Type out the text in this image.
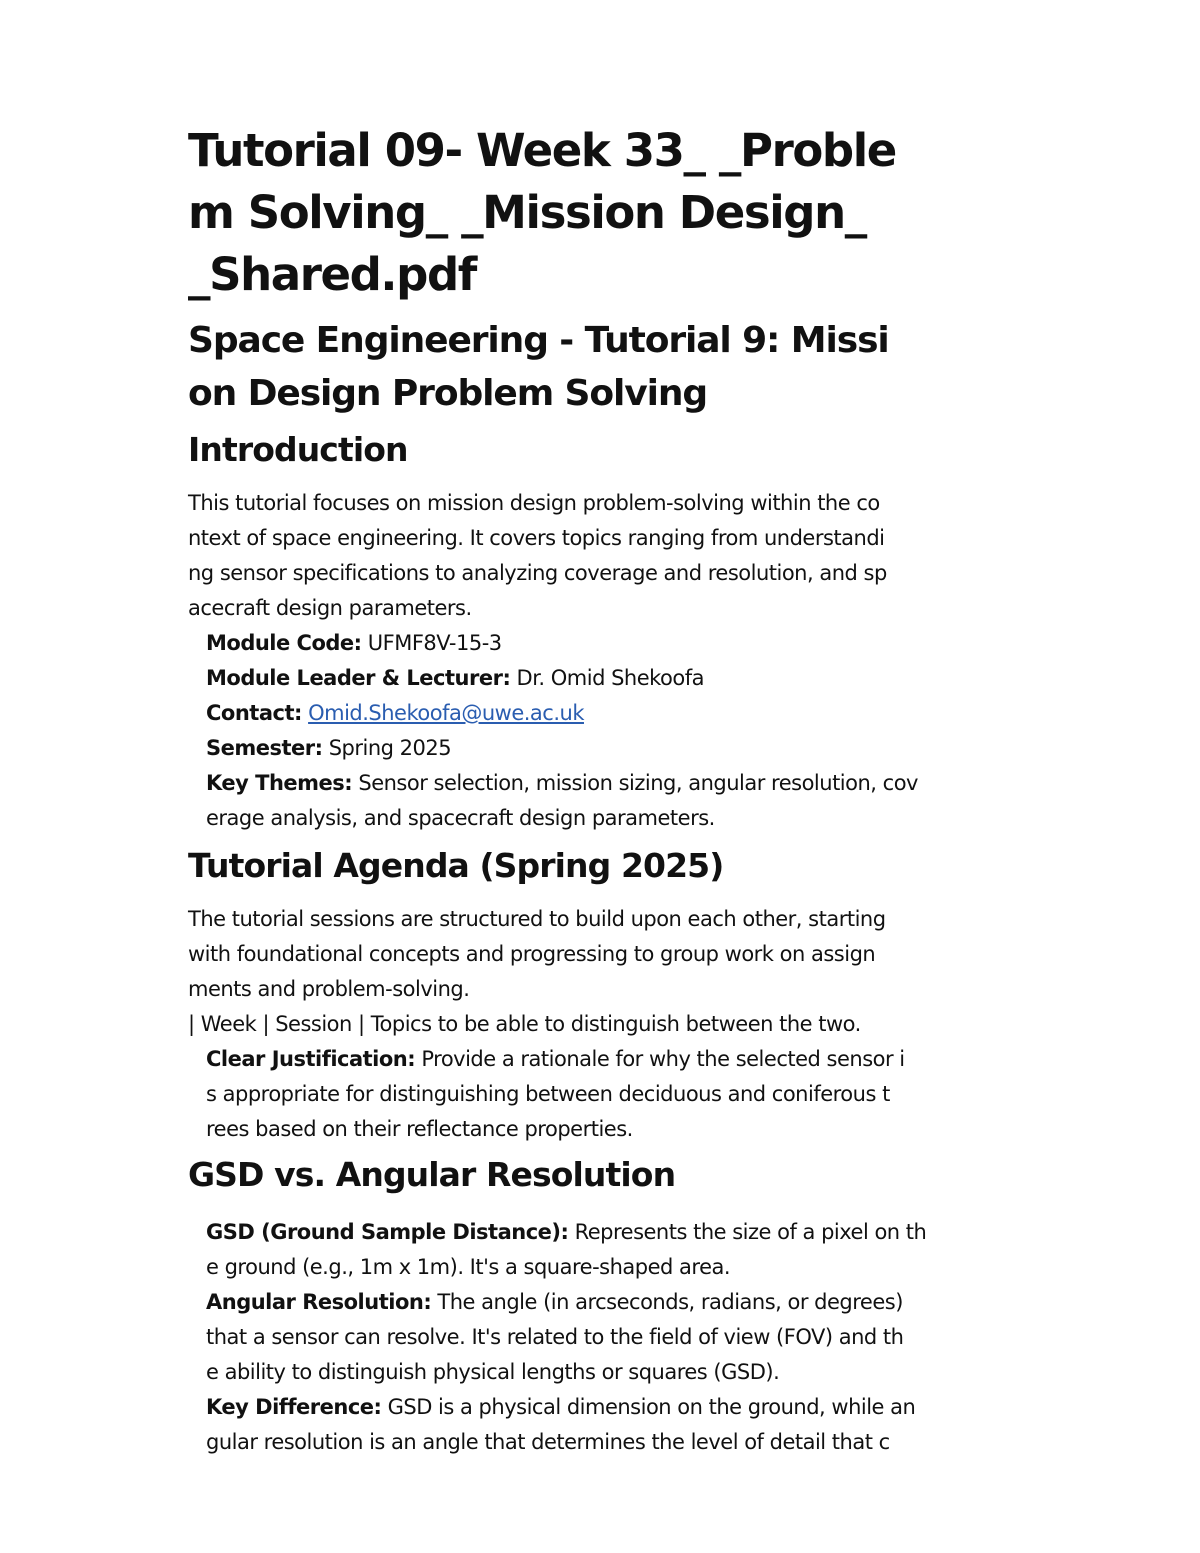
Tutorial 09- Week 33_ _Proble
m Solving_ _Mission Design_
_Shared.pdf
Space Engineering - Tutorial 9: Missi
on Design Problem Solving
Introduction
This tutorial focuses on mission design problem-solving within the co
ntext of space engineering. It covers topics ranging from understandi
ng sensor specifications to analyzing coverage and resolution, and sp
acecraft design parameters.
Module Code: UFMF8V-15-3
Module Leader & Lecturer: Dr. Omid Shekoofa
Contact: Omid.Shekoofa@uwe.ac.uk
Semester: Spring 2025
Key Themes: Sensor selection, mission sizing, angular resolution, cov
erage analysis, and spacecraft design parameters.
Tutorial Agenda (Spring 2025)
The tutorial sessions are structured to build upon each other, starting
with foundational concepts and progressing to group work on assign
ments and problem-solving.
| Week | Session | Topics to be able to distinguish between the two.
Clear Justification: Provide a rationale for why the selected sensor i
s appropriate for distinguishing between deciduous and coniferous t
rees based on their reflectance properties.
GSD vs. Angular Resolution
GSD (Ground Sample Distance): Represents the size of a pixel on th
e ground (e.g., 1m x 1m). It's a square-shaped area.
Angular Resolution: The angle (in arcseconds, radians, or degrees)
that a sensor can resolve. It's related to the field of view (FOV) and th
e ability to distinguish physical lengths or squares (GSD).
Key Difference: GSD is a physical dimension on the ground, while an
gular resolution is an angle that determines the level of detail that c
